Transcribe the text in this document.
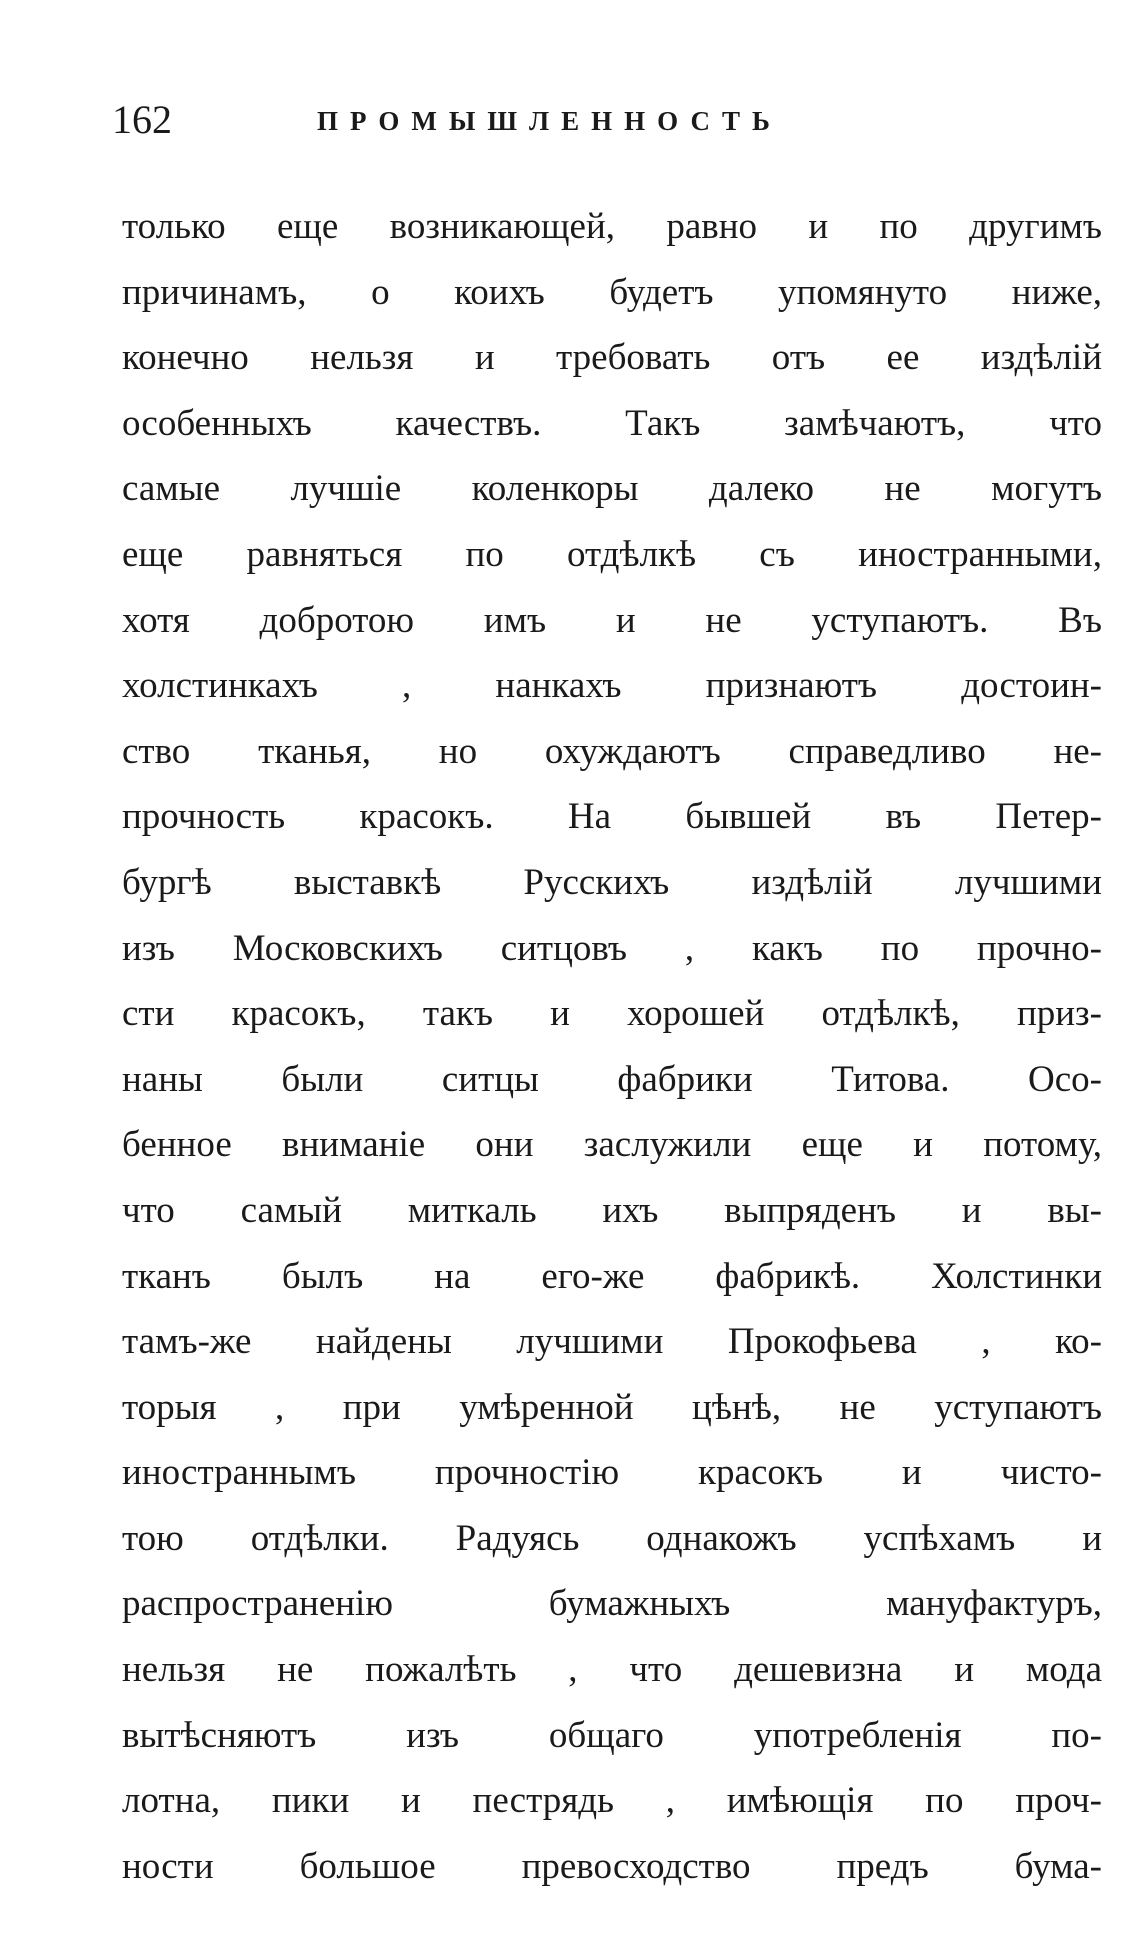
162	ПРОМЫШЛЕННОСТЬ
только еще возникающей, равно и по другимъ
причинамъ, о коихъ будетъ упомянуто ниже,
конечно нельзя и требовать отъ ее издѣлій
особенныхъ качествъ. Такъ замѣчаютъ, что
самые лучшіе коленкоры далеко не могутъ
еще равняться по отдѣлкѣ съ иностранными,
хотя добротою имъ и не уступаютъ. Въ
холстинкахъ , нанкахъ признаютъ достоин-
ство тканья, но охуждаютъ справедливо не-
прочность красокъ. На бывшей въ Петер-
бургѣ выставкѣ Русскихъ издѣлій лучшими
изъ Московскихъ ситцовъ , какъ по прочно-
сти красокъ, такъ и хорошей отдѣлкѣ, приз-
наны были ситцы фабрики Титова. Осо-
бенное вниманіе они заслужили еще и потому,
что самый миткаль ихъ выпряденъ и вы-
тканъ былъ на его-же фабрикѣ. Холстинки
тамъ-же найдены лучшими Прокофьева , ко-
торыя , при умѣренной цѣнѣ, не уступаютъ
иностраннымъ прочностію красокъ и чисто-
тою отдѣлки. Радуясь однакожъ успѣхамъ и
распространенію бумажныхъ мануфактуръ,
нельзя не пожалѣть , что дешевизна и мода
вытѣсняютъ изъ общаго употребленія по-
лотна, пики и пестрядь , имѣющія по проч-
ности большое превосходство предъ бума-
